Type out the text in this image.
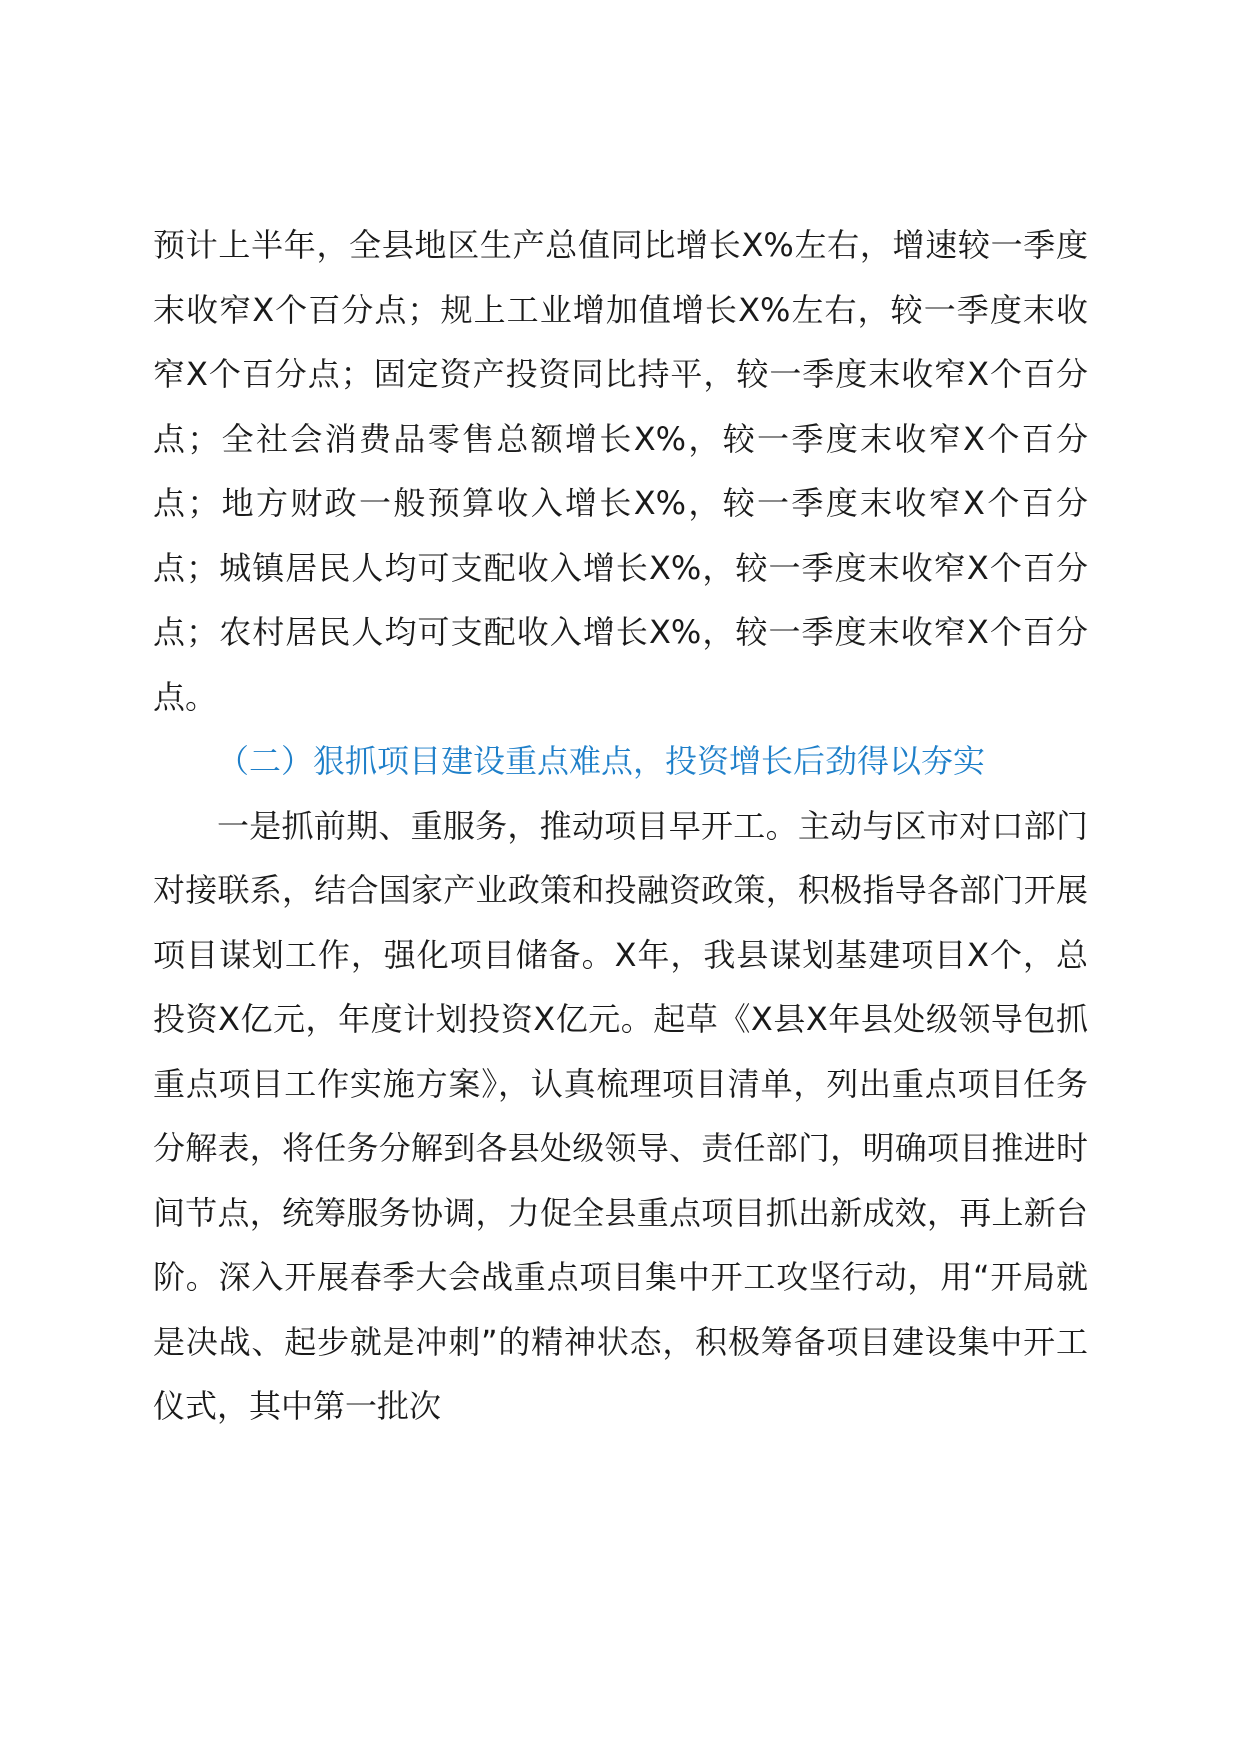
预计上半年，全县地区生产总值同比增长X%左右，增速较一季度末收窄X个百分点；规上工业增加值增长X%左右，较一季度末收窄X个百分点；固定资产投资同比持平，较一季度末收窄X个百分点；全社会消费品零售总额增长X%，较一季度末收窄X个百分点；地方财政一般预算收入增长X%，较一季度末收窄X个百分点；城镇居民人均可支配收入增长X%，较一季度末收窄X个百分点；农村居民人均可支配收入增长X%，较一季度末收窄X个百分点。

（二）狠抓项目建设重点难点，投资增长后劲得以夯实

一是抓前期、重服务，推动项目早开工。主动与区市对口部门对接联系，结合国家产业政策和投融资政策，积极指导各部门开展项目谋划工作，强化项目储备。X年，我县谋划基建项目X个，总投资X亿元，年度计划投资X亿元。起草《X县X年县处级领导包抓重点项目工作实施方案》，认真梳理项目清单，列出重点项目任务分解表，将任务分解到各县处级领导、责任部门，明确项目推进时间节点，统筹服务协调，力促全县重点项目抓出新成效，再上新台阶。深入开展春季大会战重点项目集中开工攻坚行动，用“开局就是决战、起步就是冲刺”的精神状态，积极筹备项目建设集中开工仪式，其中第一批次
